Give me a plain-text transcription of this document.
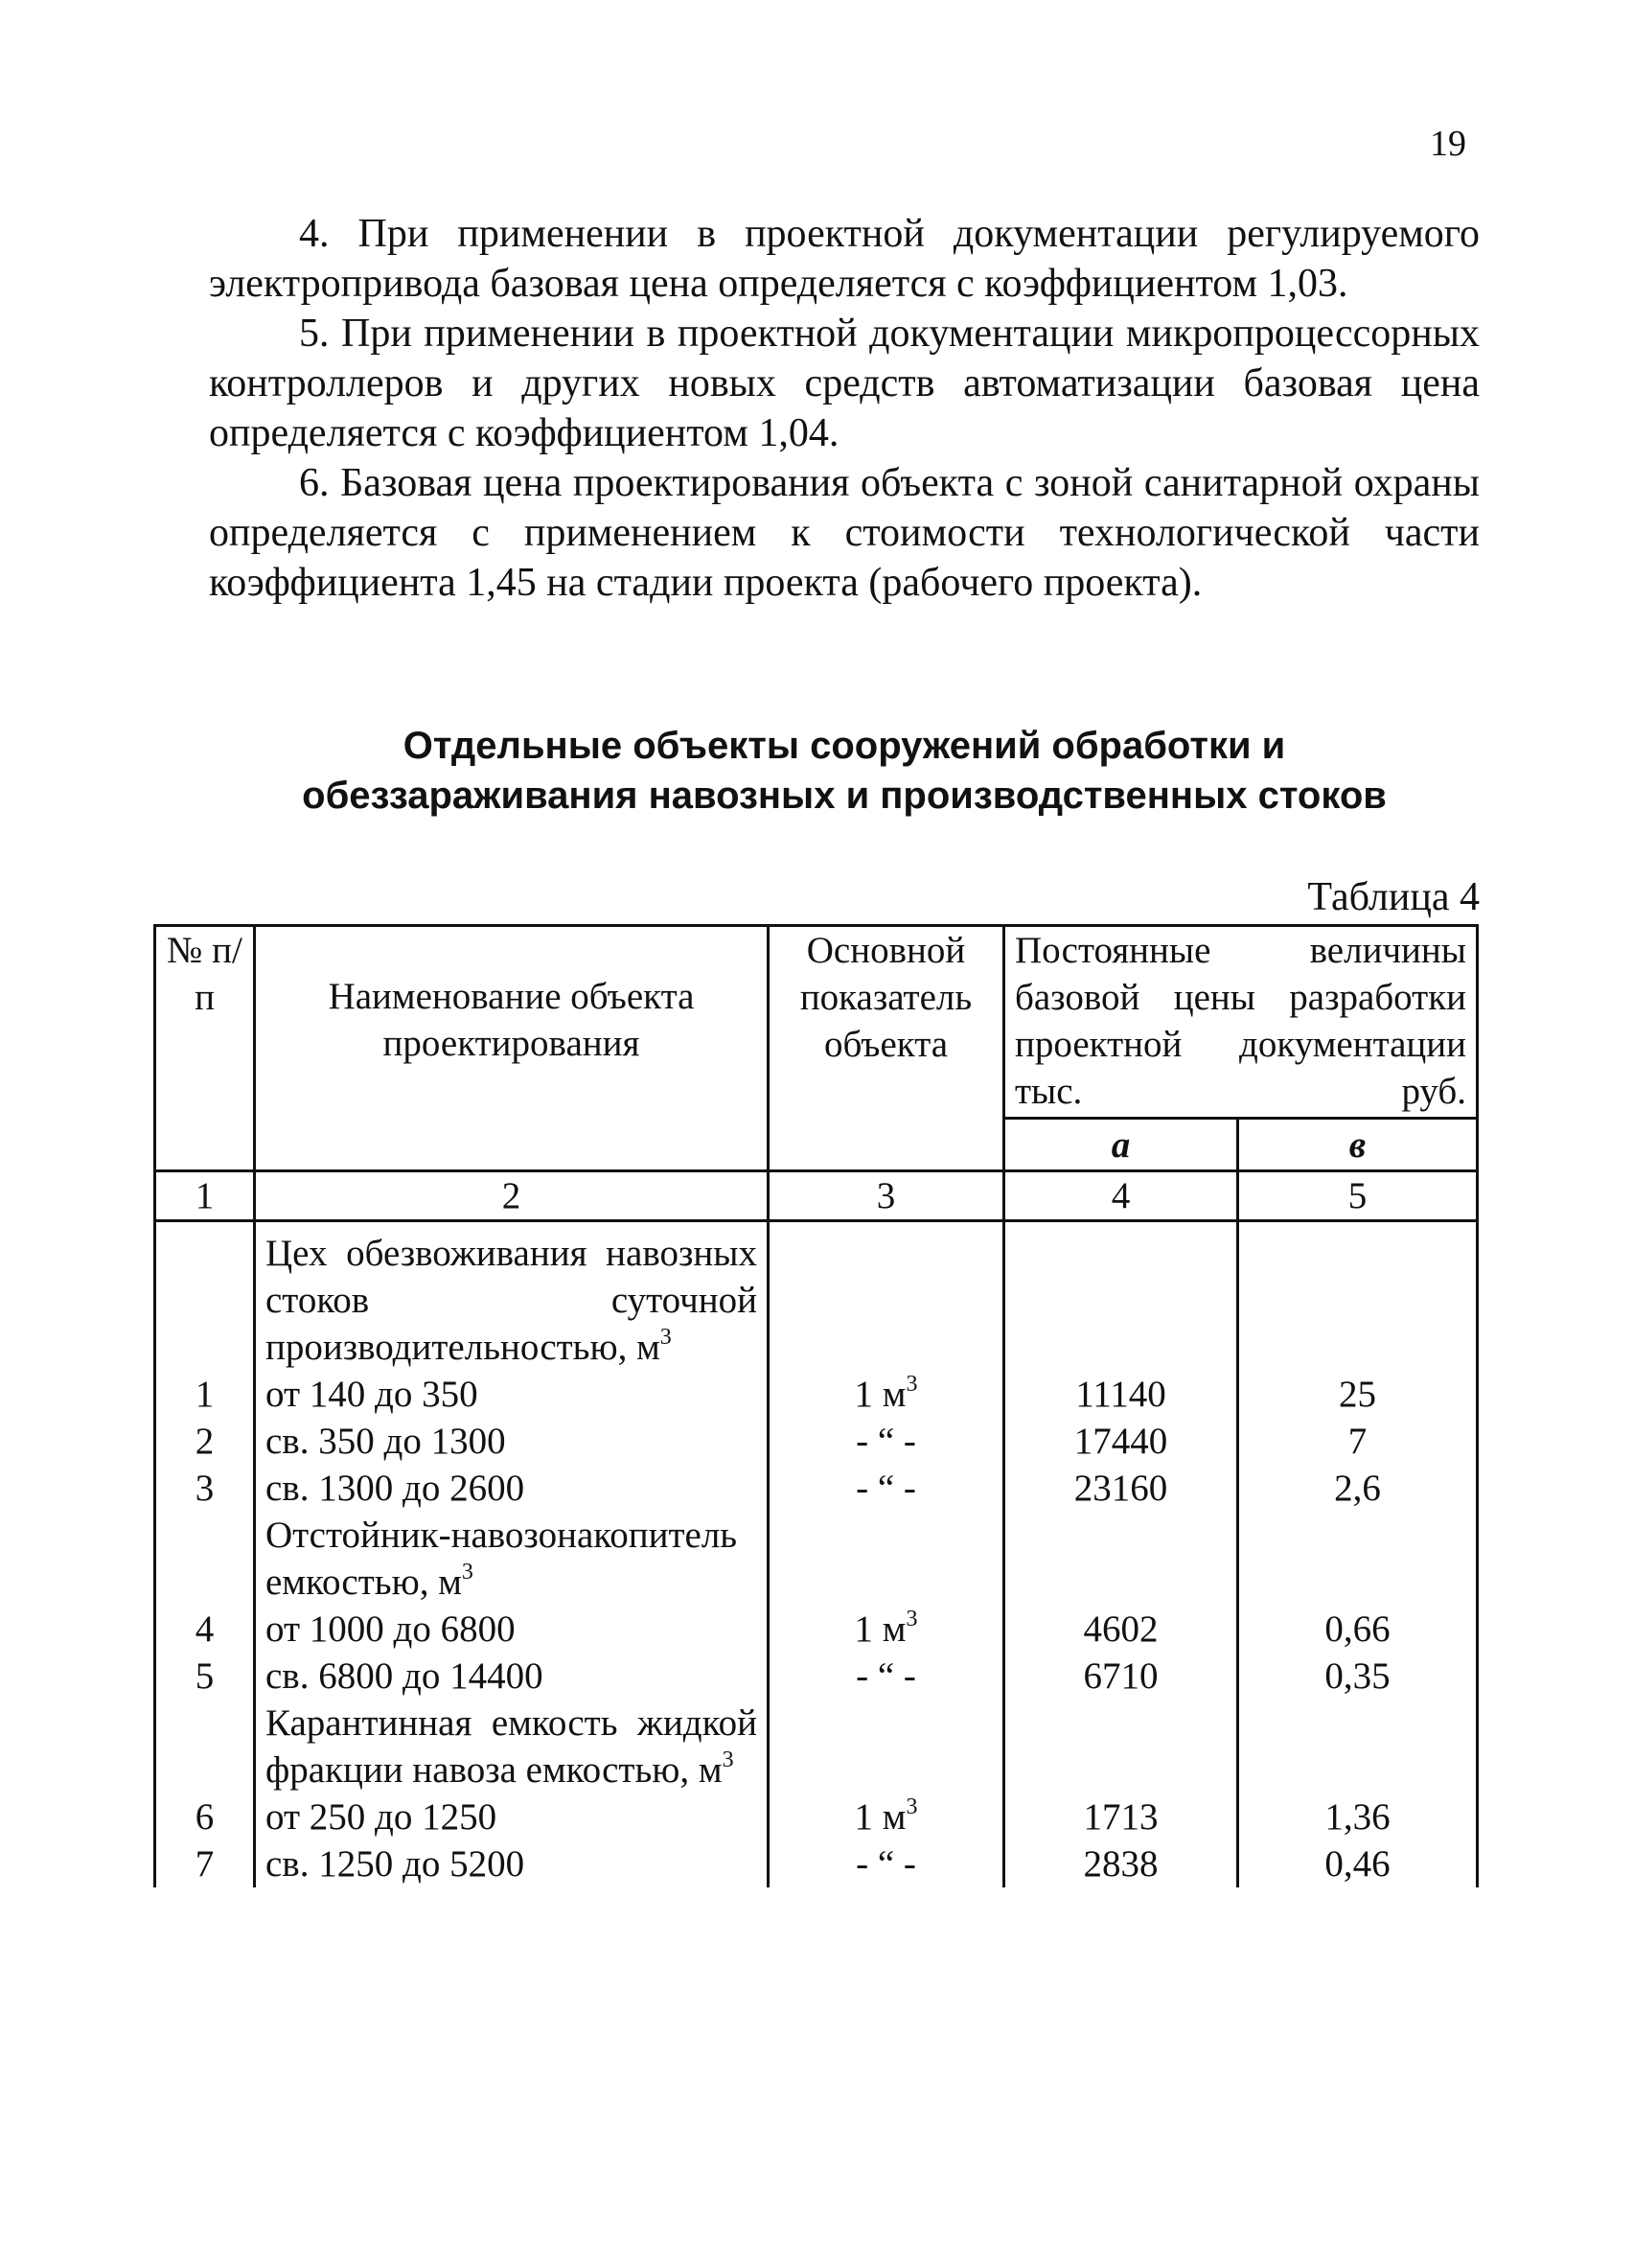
19

4. При применении в проектной документации регулируемого электропривода базовая цена определяется с коэффициентом 1,03.

5. При применении в проектной документации микропроцессорных контроллеров и других новых средств автоматизации базовая цена определяется с коэффициентом 1,04.

6. Базовая цена проектирования объекта с зоной санитарной охраны определяется с применением к стоимости технологической части коэффициента 1,45 на стадии проекта (рабочего проекта).

Отдельные объекты сооружений обработки и
обеззараживания навозных и производственных стоков
Таблица 4
№ п/п	Наименование объекта проектирования	Основной показатель объекта	Постоянные величины базовой цены разработки проектной документации тыс. руб.	
			а	в
1	2	3	4	5

	Цех обезвоживания навозных стоков суточной производительностью, $м^3$			
1	от 140 до 350	1 $м^3$	11140	25
2	св. 350 до 1300	- “ -	17440	7
3	св. 1300 до 2600	- “ -	23160	2,6
	Отстойник-навозонакопитель емкостью, $м^3$			
4	от 1000 до 6800	1 $м^3$	4602	0,66
5	св. 6800 до 14400	- “ -	6710	0,35
	Карантинная емкость жидкой фракции навоза емкостью, $м^3$			
6	от 250 до 1250	1 $м^3$	1713	1,36
7	св. 1250 до 5200	- “ -	2838	0,46
